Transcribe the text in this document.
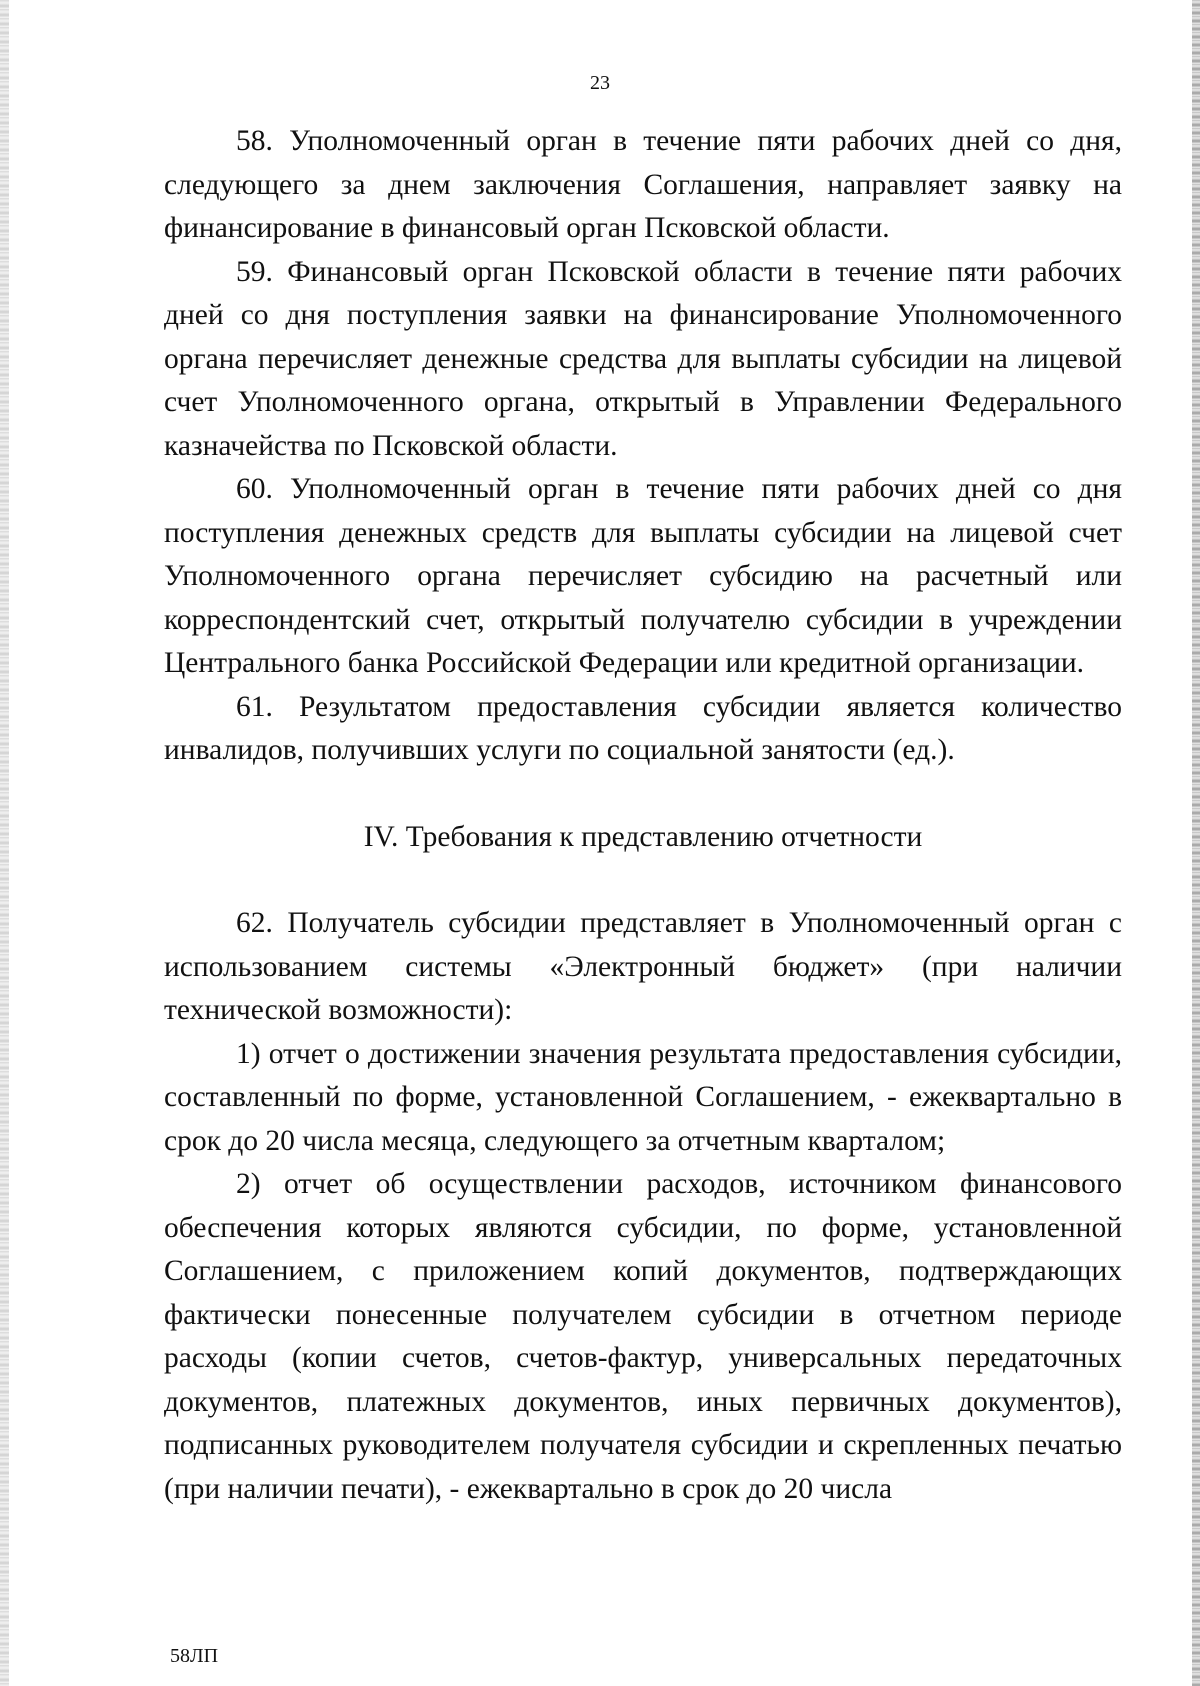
23

58. Уполномоченный орган в течение пяти рабочих дней со дня, следующего за днем заключения Соглашения, направляет заявку на финансирование в финансовый орган Псковской области.

59. Финансовый орган Псковской области в течение пяти рабочих дней со дня поступления заявки на финансирование Уполномоченного органа перечисляет денежные средства для выплаты субсидии на лицевой счет Уполномоченного органа, открытый в Управлении Федерального казначейства по Псковской области.

60. Уполномоченный орган в течение пяти рабочих дней со дня поступления денежных средств для выплаты субсидии на лицевой счет Уполномоченного органа перечисляет субсидию на расчетный или корреспондентский счет, открытый получателю субсидии в учреждении Центрального банка Российской Федерации или кредитной организации.

61. Результатом предоставления субсидии является количество инвалидов, получивших услуги по социальной занятости (ед.).

IV. Требования к представлению отчетности

62. Получатель субсидии представляет в Уполномоченный орган с использованием системы «Электронный бюджет» (при наличии технической возможности):

1) отчет о достижении значения результата предоставления субсидии, составленный по форме, установленной Соглашением, - ежеквартально в срок до 20 числа месяца, следующего за отчетным кварталом;

2) отчет об осуществлении расходов, источником финансового обеспечения которых являются субсидии, по форме, установленной Соглашением, с приложением копий документов, подтверждающих фактически понесенные получателем субсидии в отчетном периоде расходы (копии счетов, счетов-фактур, универсальных передаточных документов, платежных документов, иных первичных документов), подписанных руководителем получателя субсидии и скрепленных печатью (при наличии печати), - ежеквартально в срок до 20 числа

58ЛП
